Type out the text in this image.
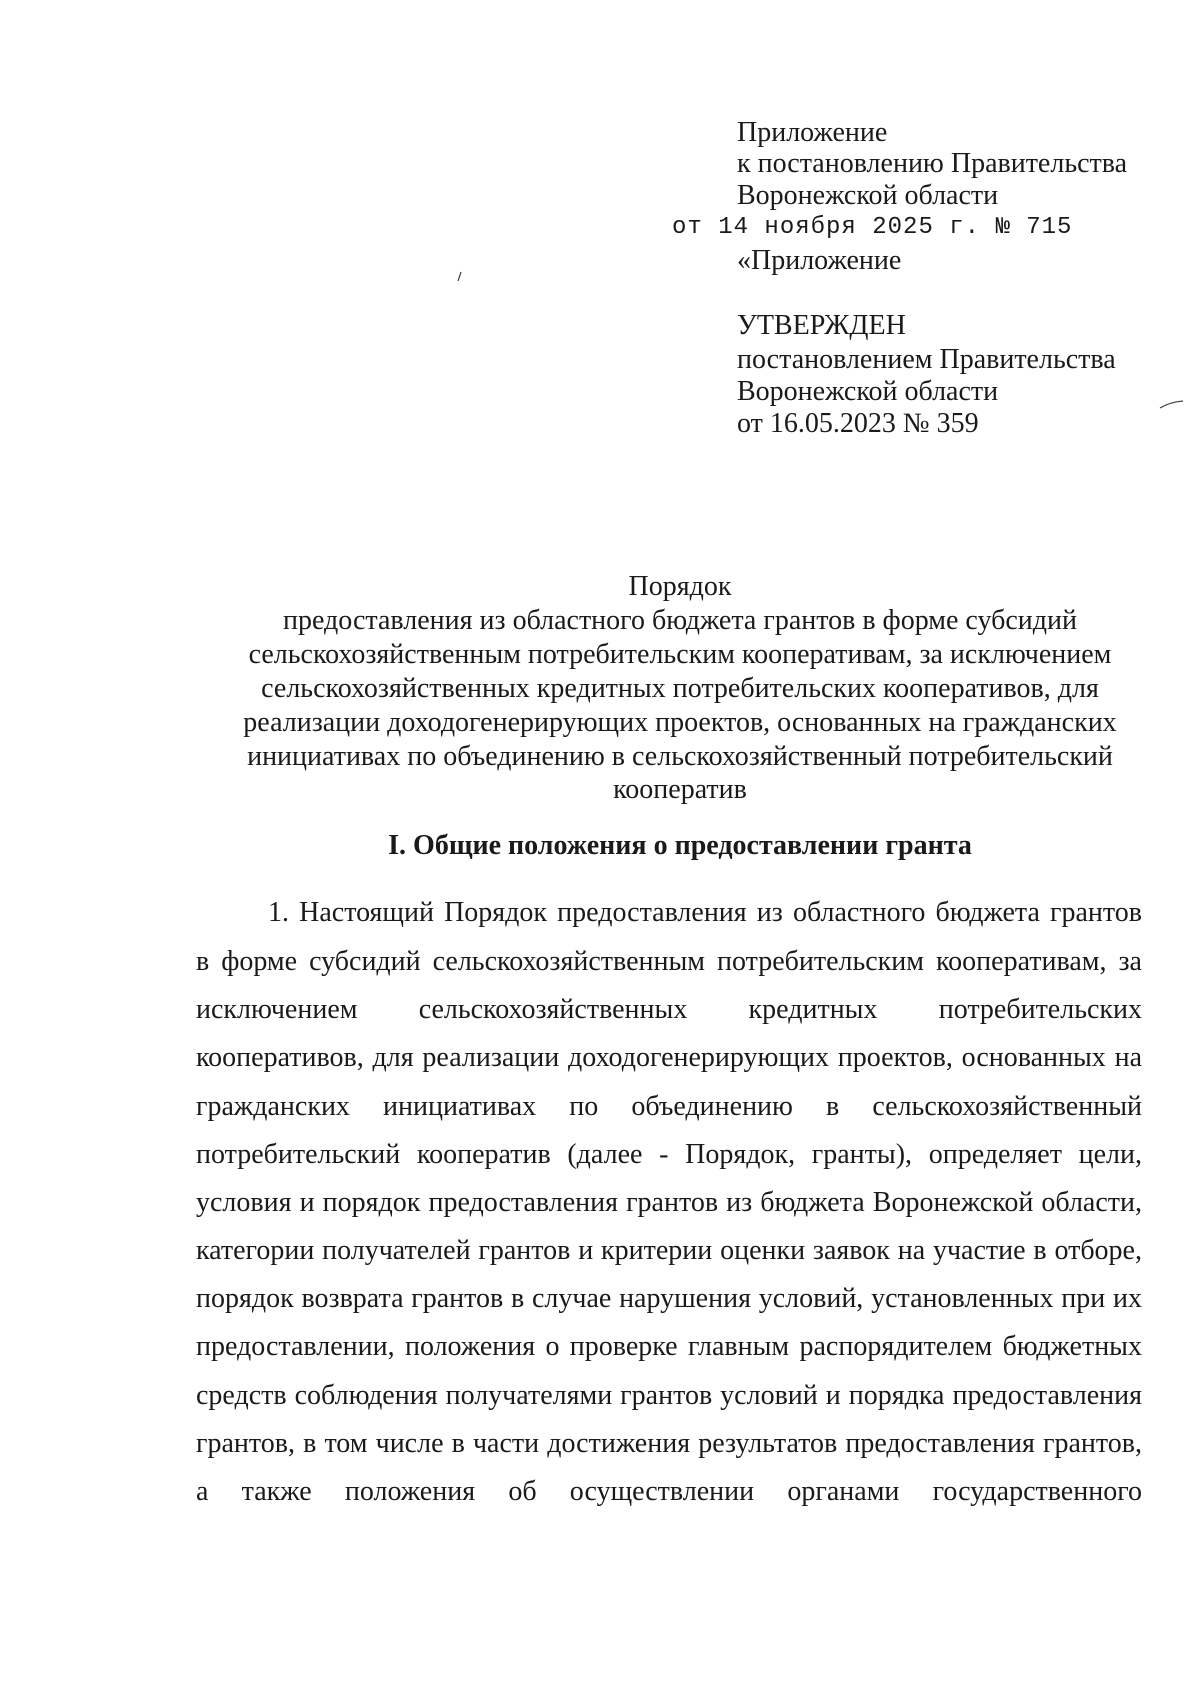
Приложение

к постановлению Правительства

Воронежской области

от 14 ноября 2025 г. № 715

«Приложение

УТВЕРЖДЕН

постановлением Правительства

Воронежской области

от 16.05.2023 № 359

Порядок

предоставления из областного бюджета грантов в форме субсидий

сельскохозяйственным потребительским кооперативам, за исключением

сельскохозяйственных кредитных потребительских кооперативов, для

реализации доходогенерирующих проектов, основанных на гражданских

инициативах по объединению в сельскохозяйственный потребительский

кооператив

I. Общие положения о предоставлении гранта

1. Настоящий Порядок предоставления из областного бюджета грантов

в форме субсидий сельскохозяйственным потребительским кооперативам, за

исключением сельскохозяйственных кредитных потребительских

кооперативов, для реализации доходогенерирующих проектов, основанных на

гражданских инициативах по объединению в сельскохозяйственный

потребительский кооператив (далее - Порядок, гранты), определяет цели,

условия и порядок предоставления грантов из бюджета Воронежской области,

категории получателей грантов и критерии оценки заявок на участие в отборе,

порядок возврата грантов в случае нарушения условий, установленных при их

предоставлении, положения о проверке главным распорядителем бюджетных

средств соблюдения получателями грантов условий и порядка предоставления

грантов, в том числе в части достижения результатов предоставления грантов,

а также положения об осуществлении органами государственного
